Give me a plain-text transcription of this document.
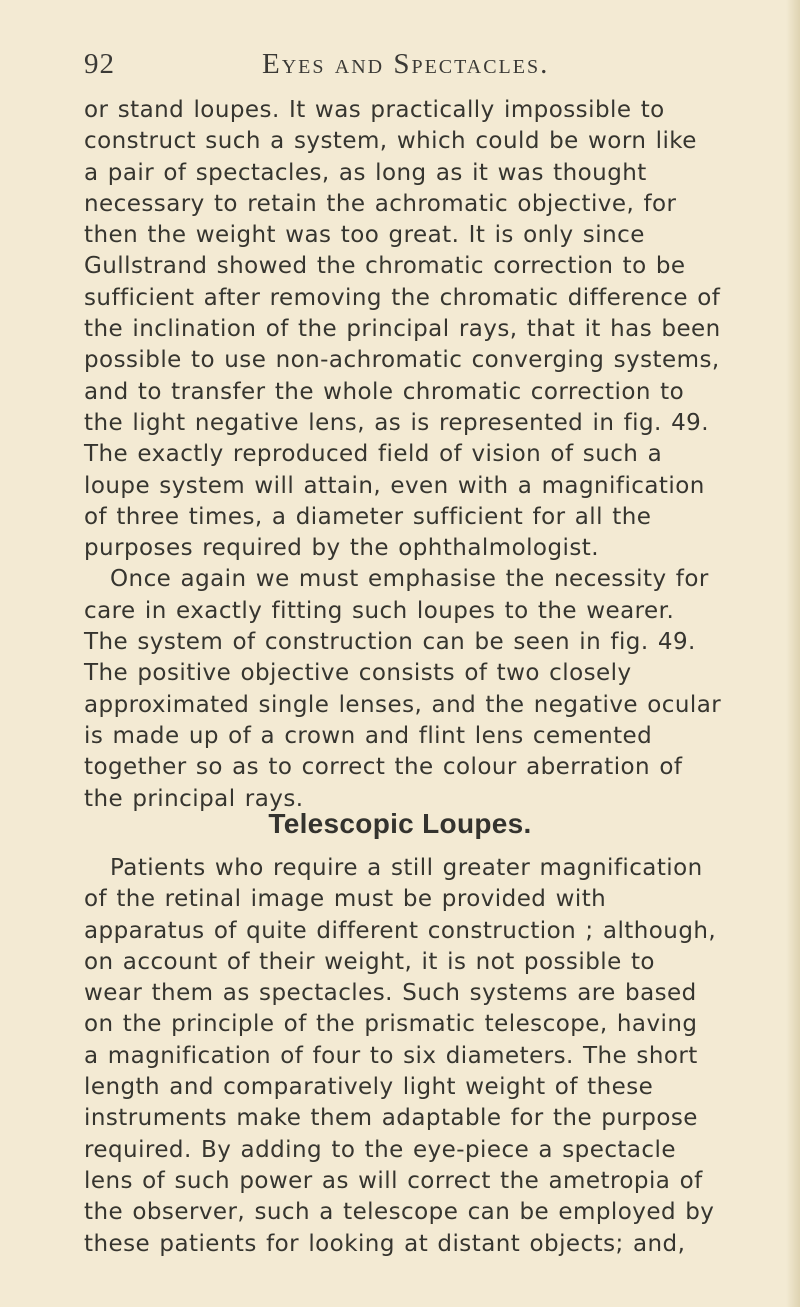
92	Eyes and Spectacles.
or stand loupes. It was practically impossible to
construct such a system, which could be worn like
a pair of spectacles, as long as it was thought
necessary to retain the achromatic objective, for
then the weight was too great. It is only since
Gullstrand showed the chromatic correction to be
sufficient after removing the chromatic difference of
the inclination of the principal rays, that it has been
possible to use non-achromatic converging systems,
and to transfer the whole chromatic correction to
the light negative lens, as is represented in fig. 49.
The exactly reproduced field of vision of such a
loupe system will attain, even with a magnification
of three times, a diameter sufficient for all the
purposes required by the ophthalmologist.
Once again we must emphasise the necessity for
care in exactly fitting such loupes to the wearer.
The system of construction can be seen in fig. 49.
The positive objective consists of two closely
approximated single lenses, and the negative ocular
is made up of a crown and flint lens cemented
together so as to correct the colour aberration of
the principal rays.
Telescopic Loupes.
Patients who require a still greater magnification
of the retinal image must be provided with
apparatus of quite different construction ; although,
on account of their weight, it is not possible to
wear them as spectacles. Such systems are based
on the principle of the prismatic telescope, having
a magnification of four to six diameters. The short
length and comparatively light weight of these
instruments make them adaptable for the purpose
required. By adding to the eye-piece a spectacle
lens of such power as will correct the ametropia of
the observer, such a telescope can be employed by
these patients for looking at distant objects; and,
